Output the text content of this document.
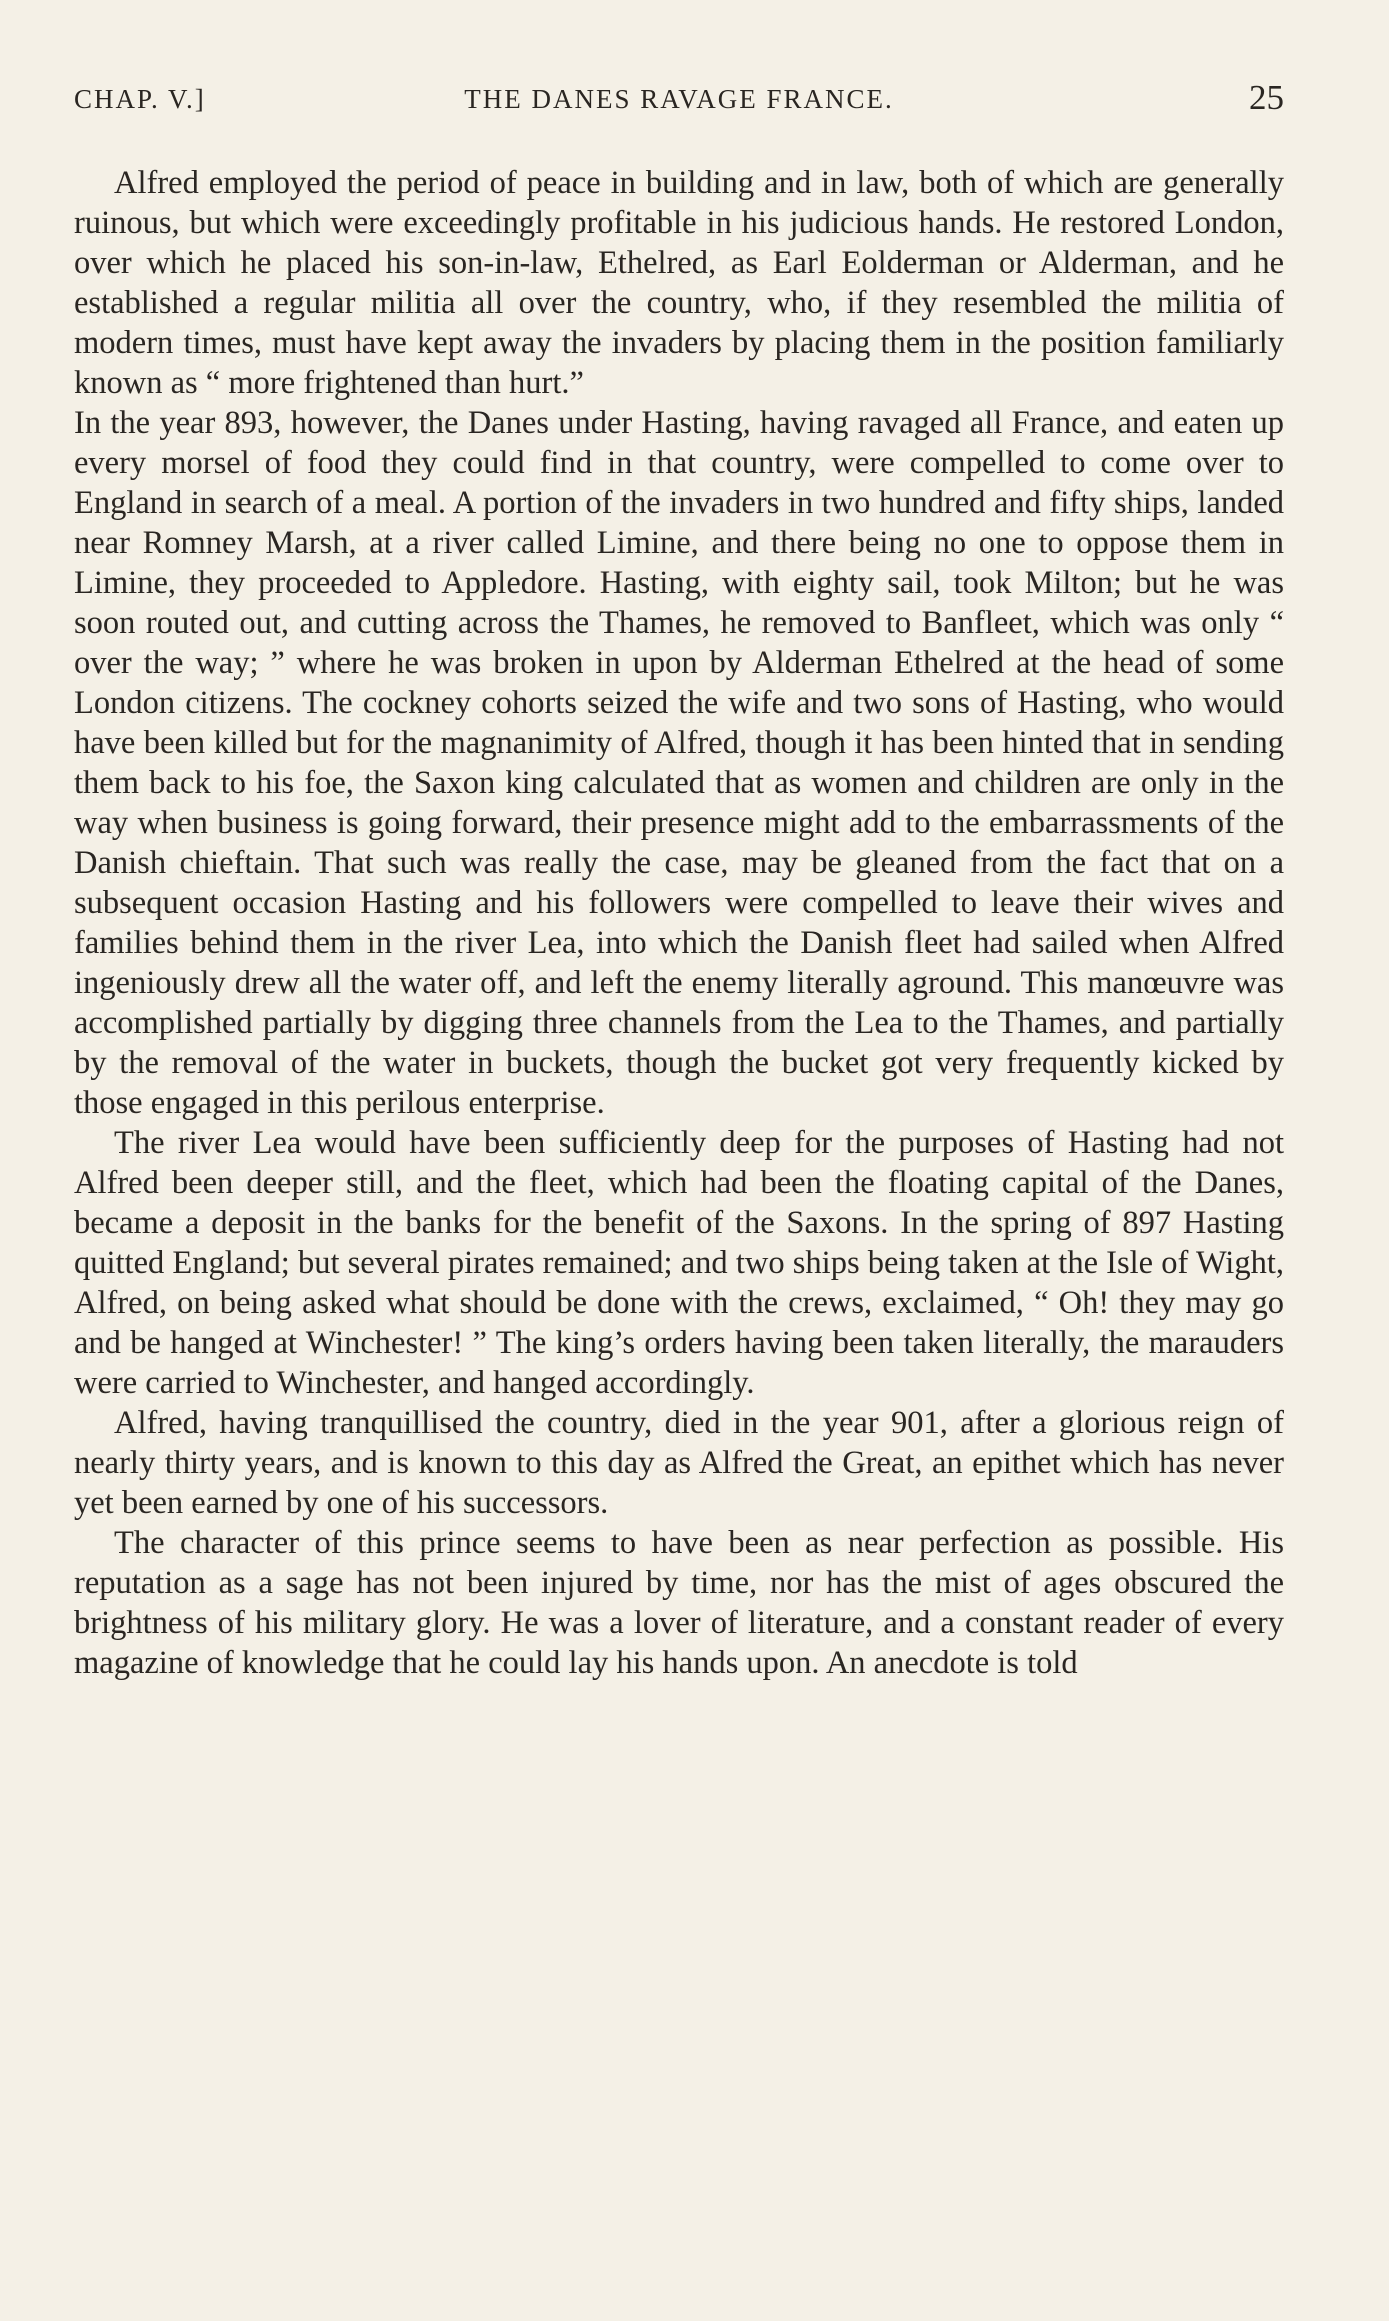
CHAP. V.]	THE DANES RAVAGE FRANCE.	25

Alfred employed the period of peace in building and in law, both of which are generally ruinous, but which were exceedingly profitable in his judicious hands. He restored London, over which he placed his son-in-law, Ethelred, as Earl Eolderman or Alderman, and he established a regular militia all over the country, who, if they resembled the militia of modern times, must have kept away the invaders by placing them in the position familiarly known as “ more frightened than hurt.”

In the year 893, however, the Danes under Hasting, having ravaged all France, and eaten up every morsel of food they could find in that country, were compelled to come over to England in search of a meal. A portion of the invaders in two hundred and fifty ships, landed near Romney Marsh, at a river called Limine, and there being no one to oppose them in Limine, they proceeded to Appledore. Hasting, with eighty sail, took Milton; but he was soon routed out, and cutting across the Thames, he removed to Banfleet, which was only “ over the way; ” where he was broken in upon by Alderman Ethelred at the head of some London citizens. The cockney cohorts seized the wife and two sons of Hasting, who would have been killed but for the magnanimity of Alfred, though it has been hinted that in sending them back to his foe, the Saxon king calculated that as women and children are only in the way when business is going forward, their presence might add to the embarrassments of the Danish chieftain. That such was really the case, may be gleaned from the fact that on a subsequent occasion Hasting and his followers were compelled to leave their wives and families behind them in the river Lea, into which the Danish fleet had sailed when Alfred ingeniously drew all the water off, and left the enemy literally aground. This manœuvre was accomplished partially by digging three channels from the Lea to the Thames, and partially by the removal of the water in buckets, though the bucket got very frequently kicked by those engaged in this perilous enterprise.

The river Lea would have been sufficiently deep for the purposes of Hasting had not Alfred been deeper still, and the fleet, which had been the floating capital of the Danes, became a deposit in the banks for the benefit of the Saxons. In the spring of 897 Hasting quitted England; but several pirates remained; and two ships being taken at the Isle of Wight, Alfred, on being asked what should be done with the crews, exclaimed, “ Oh! they may go and be hanged at Winchester! ” The king’s orders having been taken literally, the marauders were carried to Winchester, and hanged accordingly.

Alfred, having tranquillised the country, died in the year 901, after a glorious reign of nearly thirty years, and is known to this day as Alfred the Great, an epithet which has never yet been earned by one of his successors.

The character of this prince seems to have been as near perfection as possible. His reputation as a sage has not been injured by time, nor has the mist of ages obscured the brightness of his military glory. He was a lover of literature, and a constant reader of every magazine of knowledge that he could lay his hands upon. An anecdote is told
